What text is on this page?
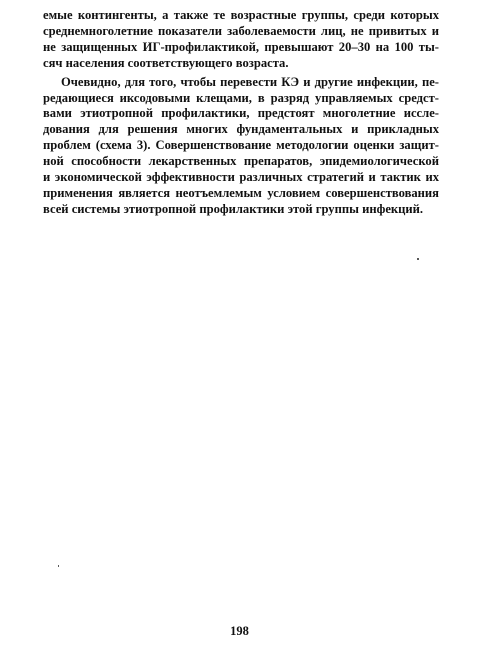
емые контингенты, а также те возрастные группы, среди которых
среднемноголетние показатели заболеваемости лиц, не привитых и
не защищенных ИГ-профилактикой, превышают 20–30 на 100 ты-
сяч населения соответствующего возраста.
Очевидно, для того, чтобы перевести КЭ и другие инфекции, пе-
редающиеся иксодовыми клещами, в разряд управляемых средст-
вами этиотропной профилактики, предстоят многолетние иссле-
дования для решения многих фундаментальных и прикладных
проблем (схема 3). Совершенствование методологии оценки защит-
ной способности лекарственных препаратов, эпидемиологической
и экономической эффективности различных стратегий и тактик их
применения является неотъемлемым условием совершенствования
всей системы этиотропной профилактики этой группы инфекций.
198
